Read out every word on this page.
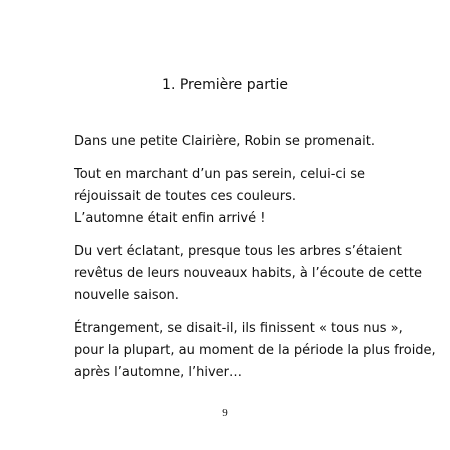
1. Première partie

Dans une petite Clairière, Robin se promenait.

Tout en marchant d’un pas serein, celui-ci se
réjouissait de toutes ces couleurs.
L’automne était enfin arrivé !

Du vert éclatant, presque tous les arbres s’étaient
revêtus de leurs nouveaux habits, à l’écoute de cette
nouvelle saison.

Étrangement, se disait-il, ils finissent « tous nus »,
pour la plupart, au moment de la période la plus froide,
après l’automne, l’hiver…

9
